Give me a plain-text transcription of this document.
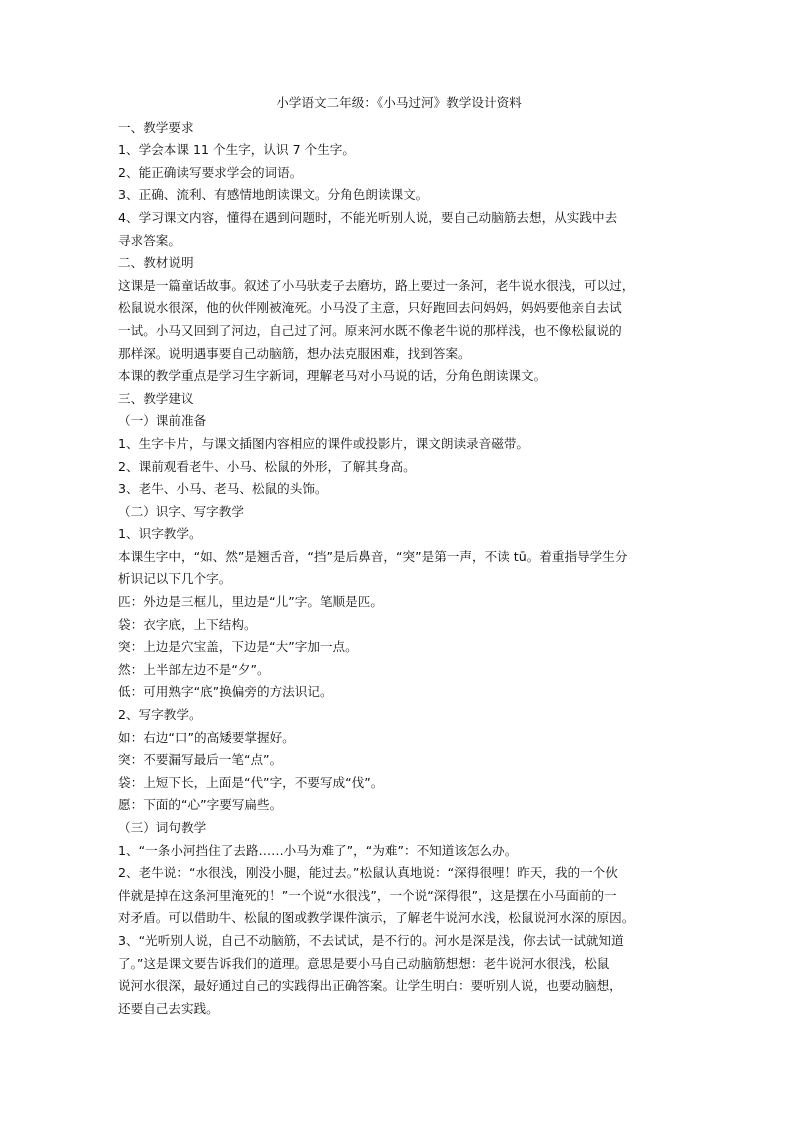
小学语文二年级：《小马过河》教学设计资料
一、教学要求
1、学会本课 11 个生字，认识 7 个生字。
2、能正确读写要求学会的词语。
3、正确、流利、有感情地朗读课文。分角色朗读课文。
4、学习课文内容，懂得在遇到问题时，不能光听别人说，要自己动脑筋去想，从实践中去
寻求答案。
二、教材说明
这课是一篇童话故事。叙述了小马驮麦子去磨坊，路上要过一条河，老牛说水很浅，可以过，
松鼠说水很深，他的伙伴刚被淹死。小马没了主意，只好跑回去问妈妈，妈妈要他亲自去试
一试。小马又回到了河边，自己过了河。原来河水既不像老牛说的那样浅，也不像松鼠说的
那样深。说明遇事要自己动脑筋，想办法克服困难，找到答案。
本课的教学重点是学习生字新词，理解老马对小马说的话，分角色朗读课文。
三、教学建议
（一）课前准备
1、生字卡片，与课文插图内容相应的课件或投影片，课文朗读录音磁带。
2、课前观看老牛、小马、松鼠的外形，了解其身高。
3、老牛、小马、老马、松鼠的头饰。
（二）识字、写字教学
1、识字教学。
本课生字中，“如、然”是翘舌音，“挡”是后鼻音，“突”是第一声，不读 tū。着重指导学生分
析识记以下几个字。
匹：外边是三框儿，里边是“儿”字。笔顺是匹。
袋：衣字底，上下结构。
突：上边是穴宝盖，下边是“大”字加一点。
然：上半部左边不是“夕”。
低：可用熟字“底”换偏旁的方法识记。
2、写字教学。
如：右边“口”的高矮要掌握好。
突：不要漏写最后一笔“点”。
袋：上短下长，上面是“代”字，不要写成“伐”。
愿：下面的“心”字要写扁些。
（三）词句教学
1、“一条小河挡住了去路……小马为难了”，“为难”：不知道该怎么办。
2、老牛说：“水很浅，刚没小腿，能过去。”松鼠认真地说：“深得很哩！昨天，我的一个伙
伴就是掉在这条河里淹死的！”一个说“水很浅”，一个说“深得很”，这是摆在小马面前的一
对矛盾。可以借助牛、松鼠的图或教学课件演示，了解老牛说河水浅，松鼠说河水深的原因。
3、“光听别人说，自己不动脑筋，不去试试，是不行的。河水是深是浅，你去试一试就知道
了。”这是课文要告诉我们的道理。意思是要小马自己动脑筋想想：老牛说河水很浅，松鼠
说河水很深，最好通过自己的实践得出正确答案。让学生明白：要听别人说，也要动脑想，
还要自己去实践。
